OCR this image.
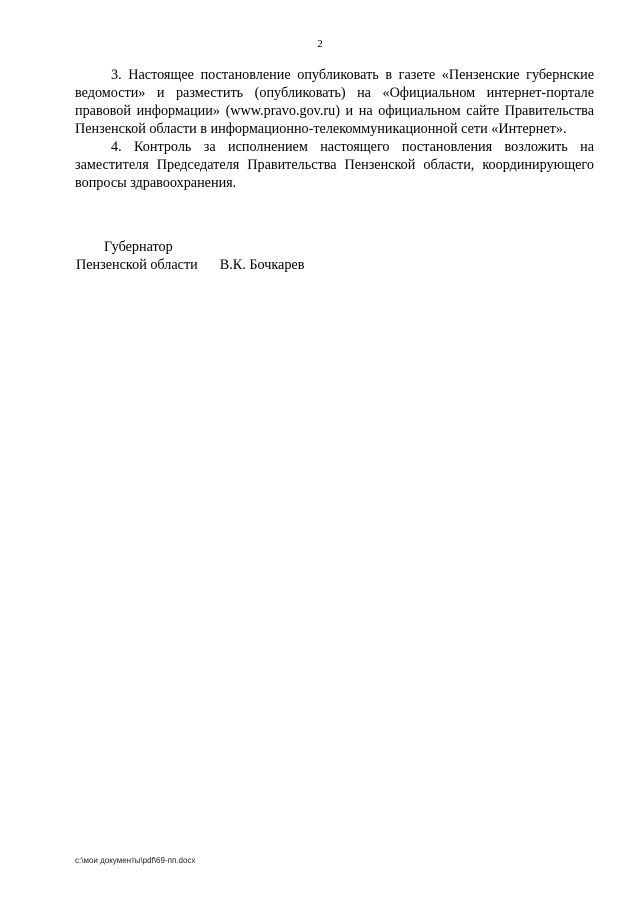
2

3. Настоящее постановление опубликовать в газете «Пензенские губернские ведомости» и разместить (опубликовать) на «Официальном интернет-портале правовой информации» (www.pravo.gov.ru) и на официальном сайте Правительства Пензенской области в информационно-телекоммуникационной сети «Интернет».

4. Контроль за исполнением настоящего постановления возложить на заместителя Председателя Правительства Пензенской области, координирующего вопросы здравоохранения.

Губернатор
Пензенской области В.К. Бочкарев
c:\мои документы\pdf\69-пп.docx
